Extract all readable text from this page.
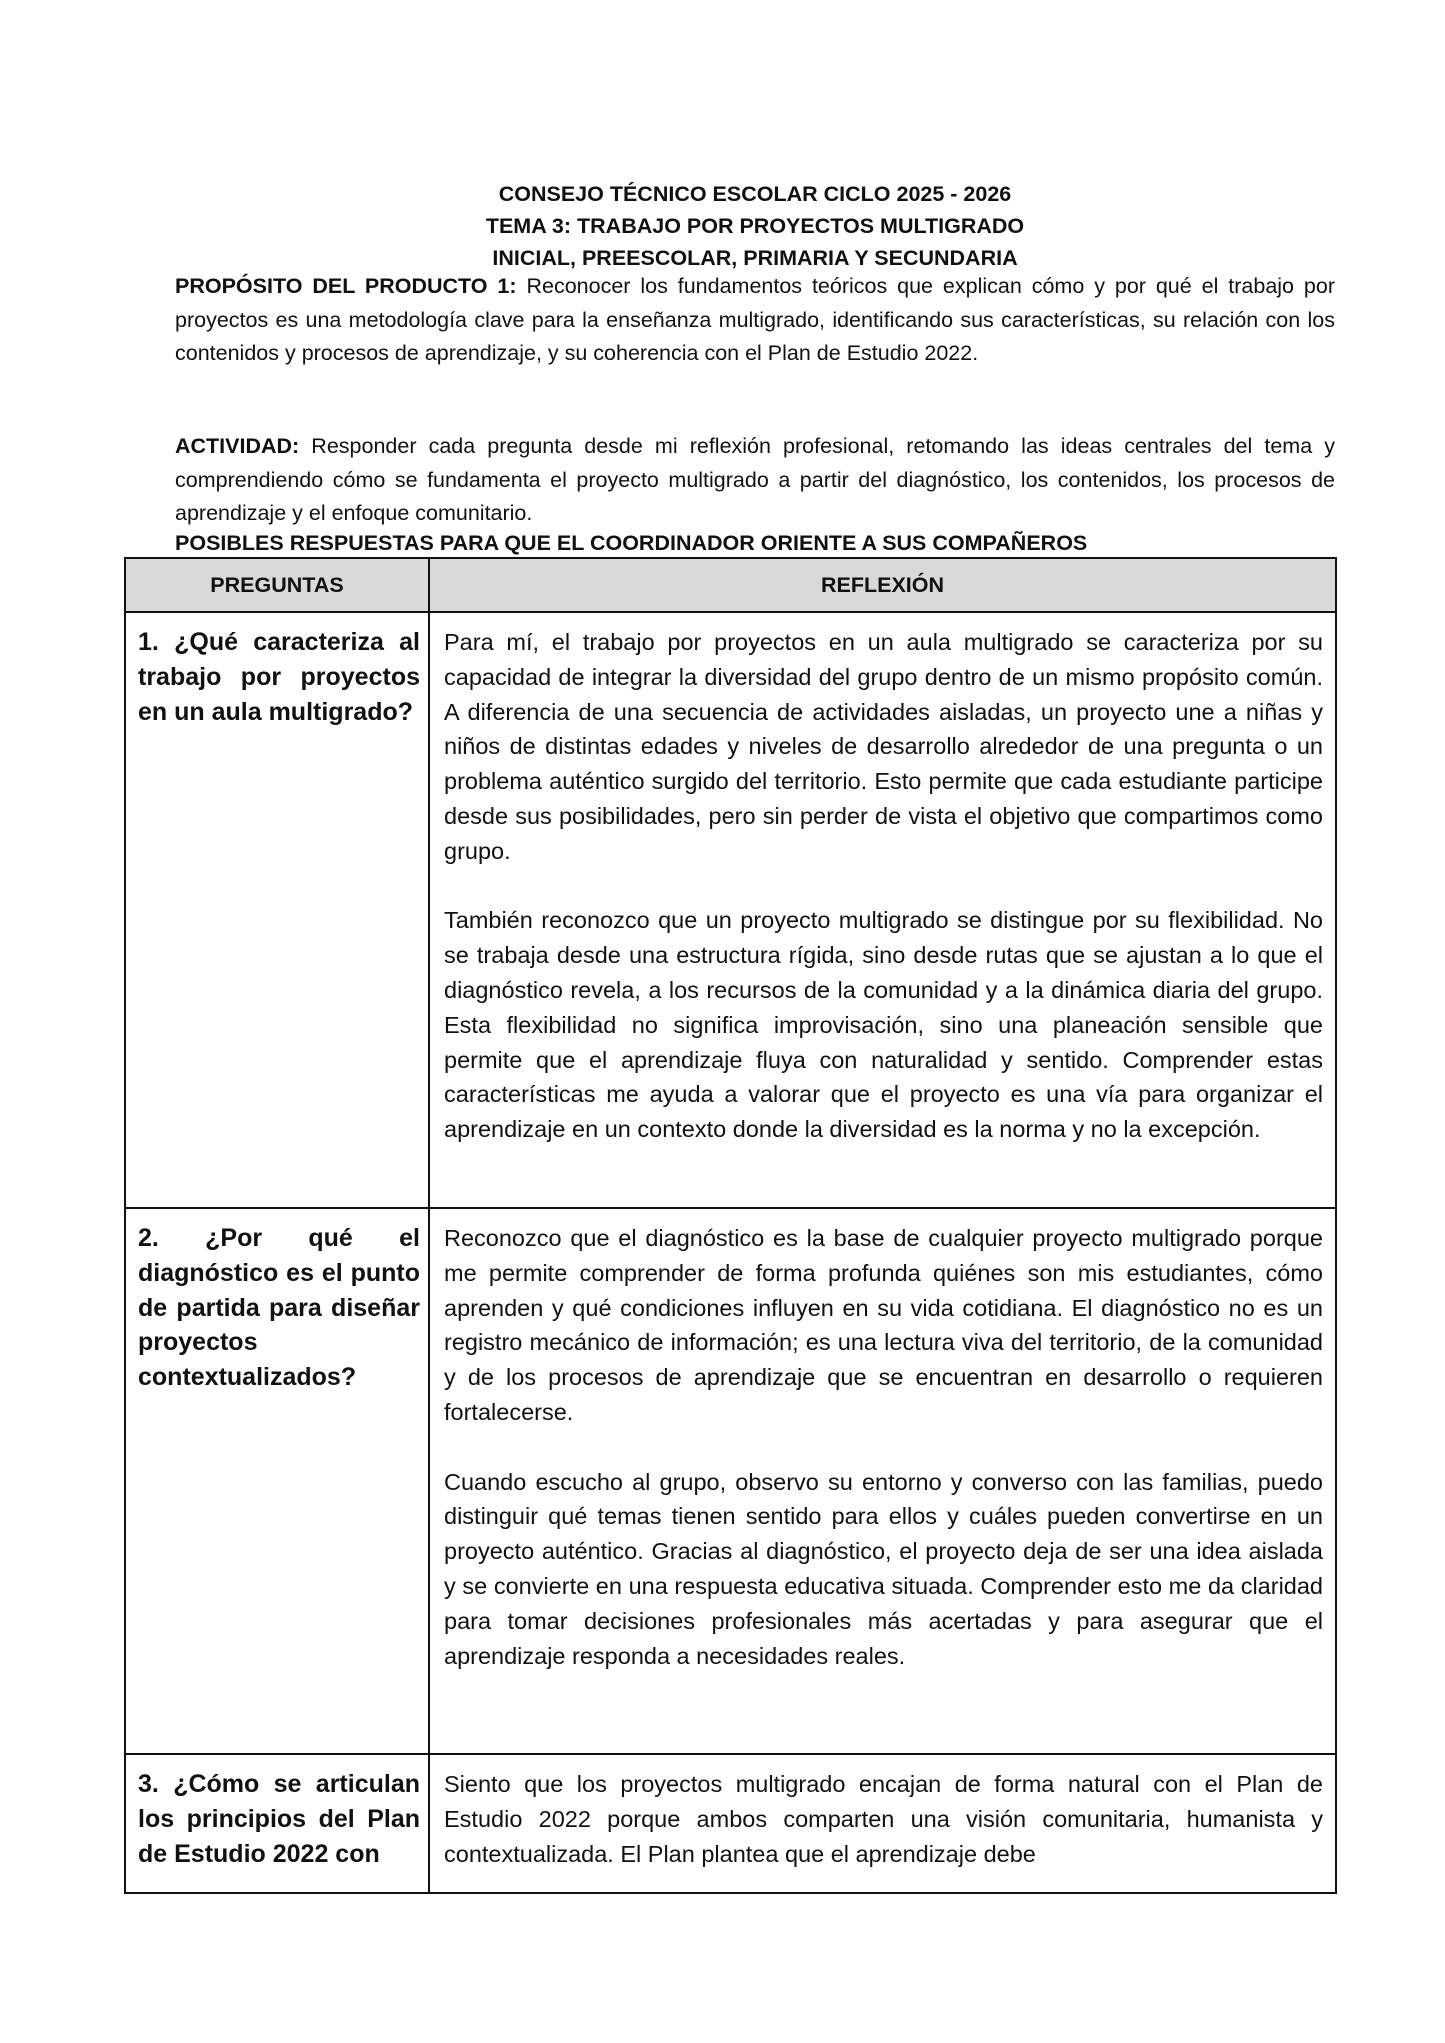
CONSEJO TÉCNICO ESCOLAR CICLO 2025 - 2026
TEMA 3: TRABAJO POR PROYECTOS MULTIGRADO
INICIAL, PREESCOLAR, PRIMARIA Y SECUNDARIA
PROPÓSITO DEL PRODUCTO 1: Reconocer los fundamentos teóricos que explican cómo y por qué el trabajo por proyectos es una metodología clave para la enseñanza multigrado, identificando sus características, su relación con los contenidos y procesos de aprendizaje, y su coherencia con el Plan de Estudio 2022.
ACTIVIDAD: Responder cada pregunta desde mi reflexión profesional, retomando las ideas centrales del tema y comprendiendo cómo se fundamenta el proyecto multigrado a partir del diagnóstico, los contenidos, los procesos de aprendizaje y el enfoque comunitario.
POSIBLES RESPUESTAS PARA QUE EL COORDINADOR ORIENTE A SUS COMPAÑEROS
PREGUNTAS	REFLEXIÓN
1. ¿Qué caracteriza al trabajo por proyectos en un aula multigrado?	Para mí, el trabajo por proyectos en un aula multigrado se caracteriza por su capacidad de integrar la diversidad del grupo dentro de un mismo propósito común. A diferencia de una secuencia de actividades aisladas, un proyecto une a niñas y niños de distintas edades y niveles de desarrollo alrededor de una pregunta o un problema auténtico surgido del territorio. Esto permite que cada estudiante participe desde sus posibilidades, pero sin perder de vista el objetivo que compartimos como grupo.

También reconozco que un proyecto multigrado se distingue por su flexibilidad. No se trabaja desde una estructura rígida, sino desde rutas que se ajustan a lo que el diagnóstico revela, a los recursos de la comunidad y a la dinámica diaria del grupo. Esta flexibilidad no significa improvisación, sino una planeación sensible que permite que el aprendizaje fluya con naturalidad y sentido. Comprender estas características me ayuda a valorar que el proyecto es una vía para organizar el aprendizaje en un contexto donde la diversidad es la norma y no la excepción.

2. ¿Por qué el diagnóstico es el punto de partida para diseñar proyectos contextualizados?	Reconozco que el diagnóstico es la base de cualquier proyecto multigrado porque me permite comprender de forma profunda quiénes son mis estudiantes, cómo aprenden y qué condiciones influyen en su vida cotidiana. El diagnóstico no es un registro mecánico de información; es una lectura viva del territorio, de la comunidad y de los procesos de aprendizaje que se encuentran en desarrollo o requieren fortalecerse.

Cuando escucho al grupo, observo su entorno y converso con las familias, puedo distinguir qué temas tienen sentido para ellos y cuáles pueden convertirse en un proyecto auténtico. Gracias al diagnóstico, el proyecto deja de ser una idea aislada y se convierte en una respuesta educativa situada. Comprender esto me da claridad para tomar decisiones profesionales más acertadas y para asegurar que el aprendizaje responda a necesidades reales.

3. ¿Cómo se articulan los principios del Plan de Estudio 2022 con	Siento que los proyectos multigrado encajan de forma natural con el Plan de Estudio 2022 porque ambos comparten una visión comunitaria, humanista y contextualizada. El Plan plantea que el aprendizaje debe
